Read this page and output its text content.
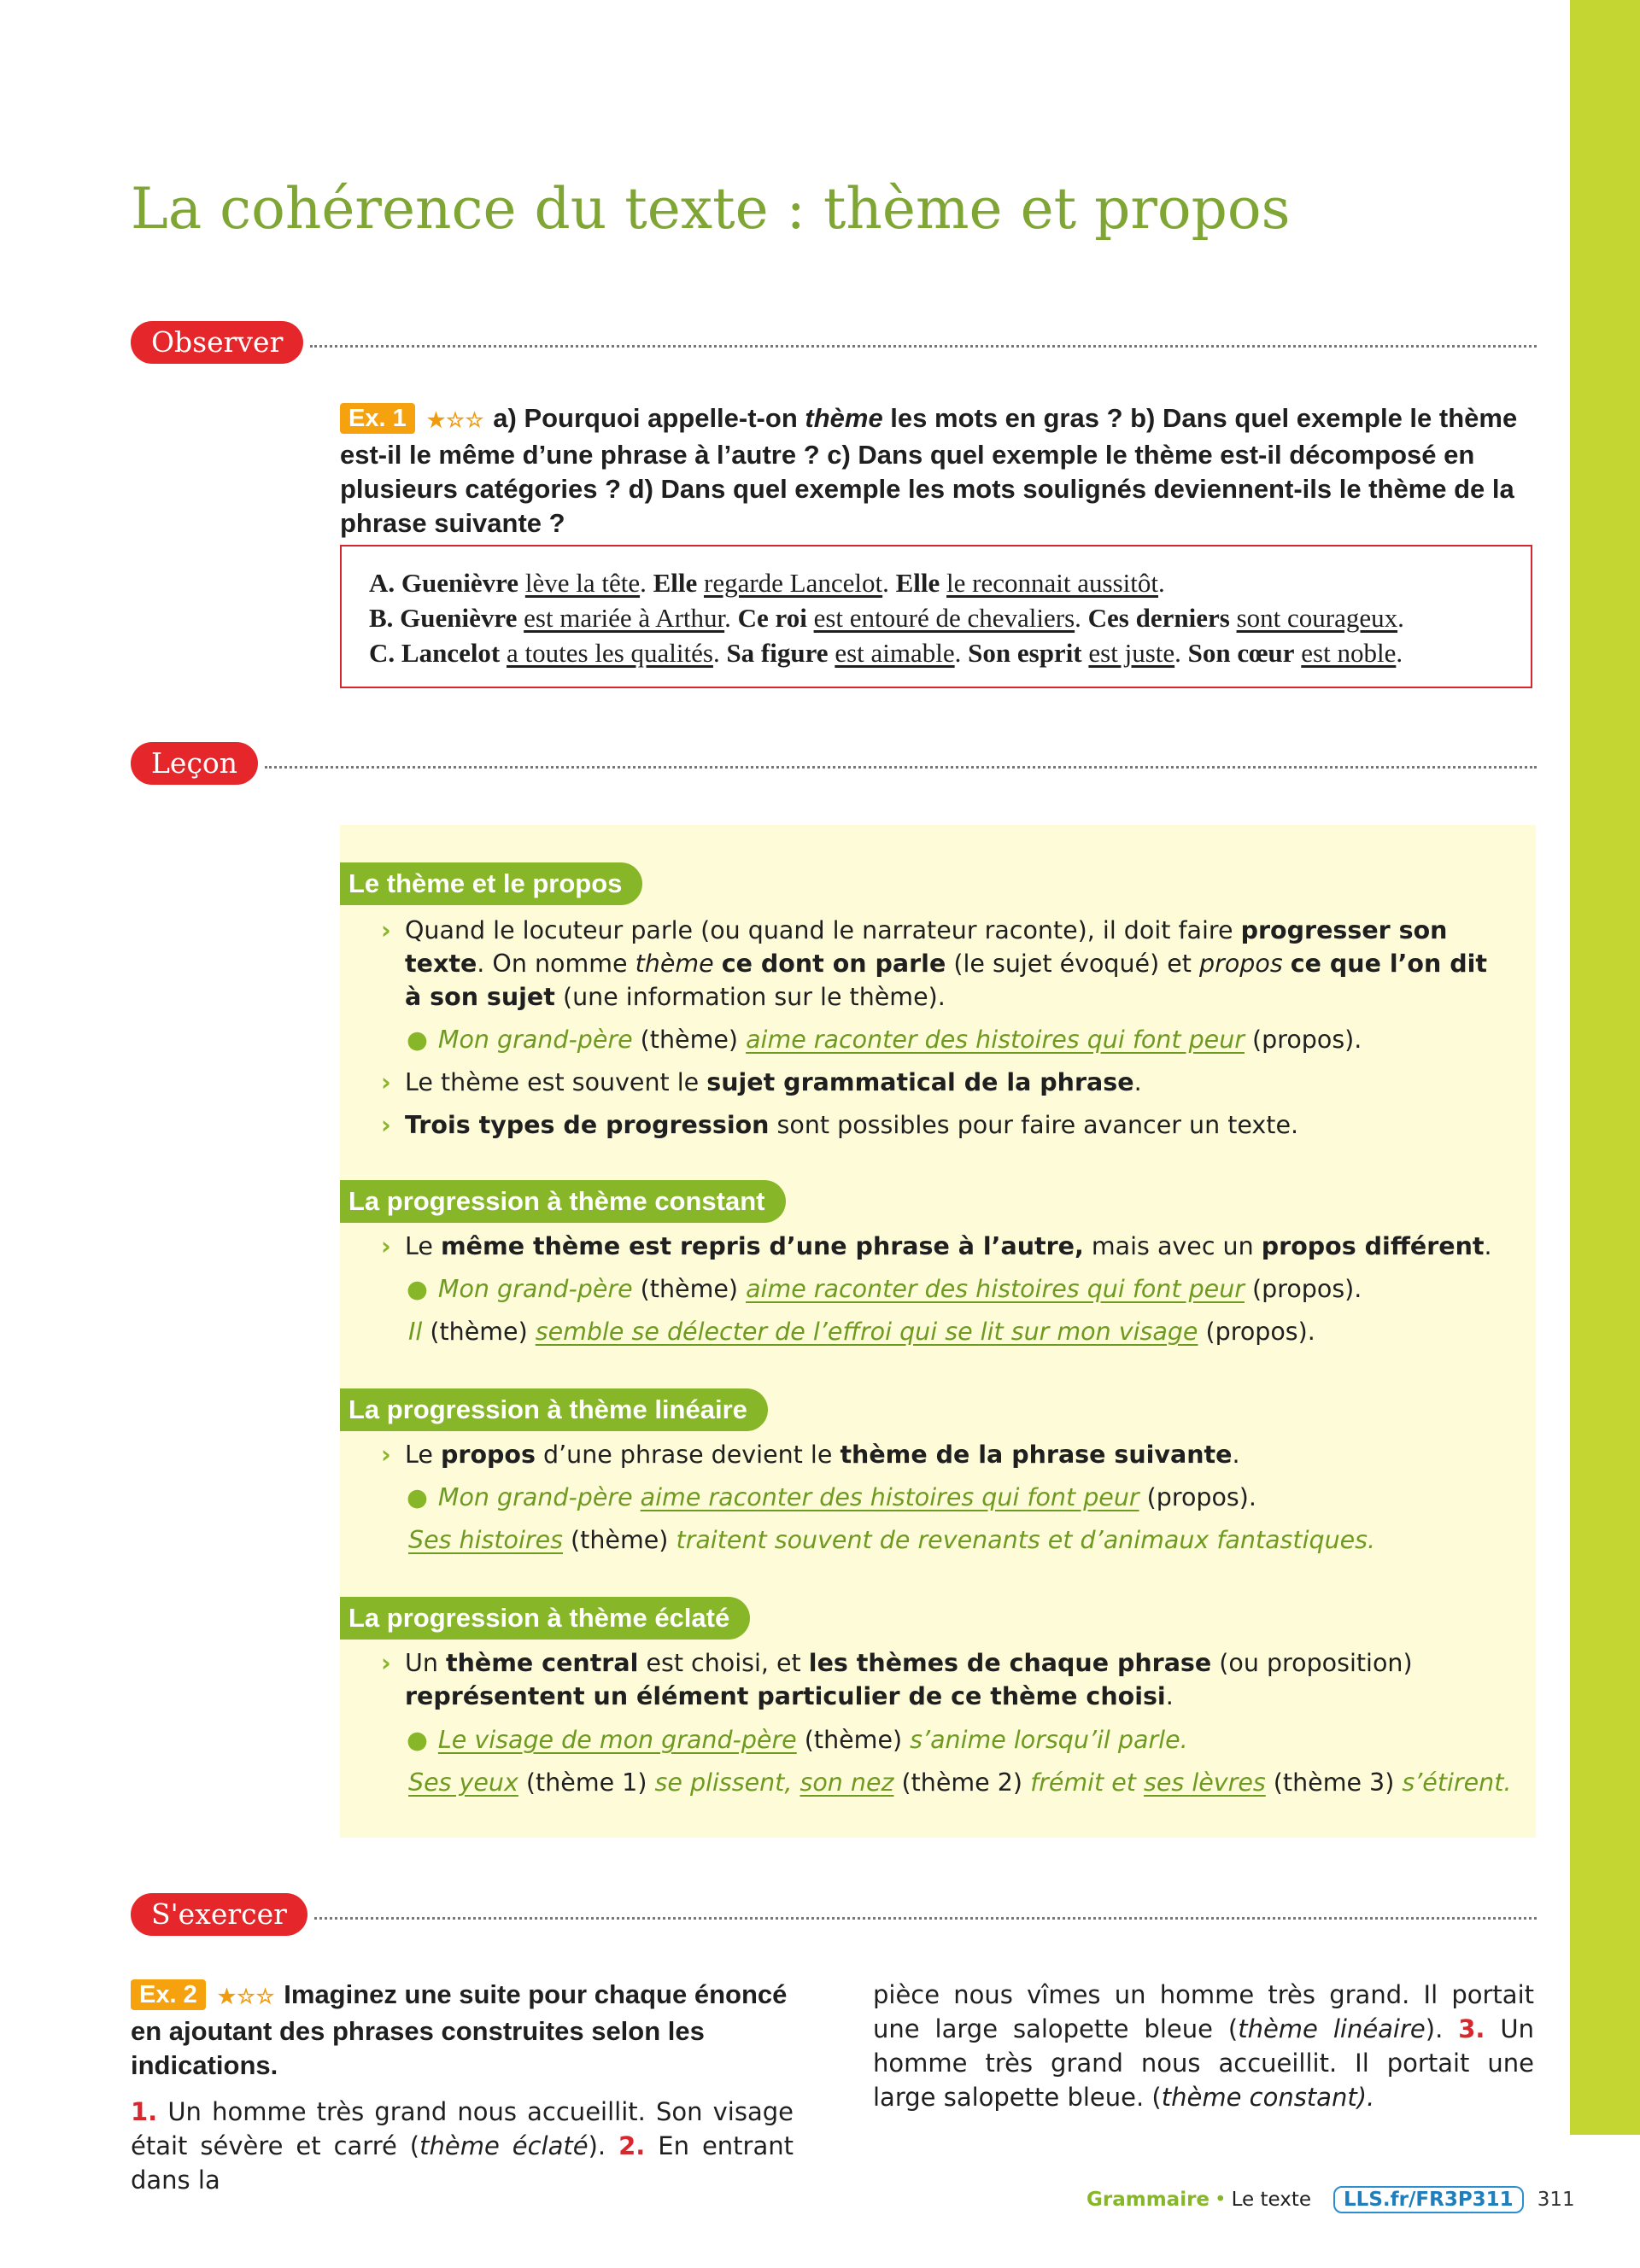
La cohérence du texte : thème et propos
Observer
Ex. 1 ★☆☆ a) Pourquoi appelle-t-on thème les mots en gras ? b) Dans quel exemple le thème est-il le même d’une phrase à l’autre ? c) Dans quel exemple le thème est-il décomposé en plusieurs catégories ? d) Dans quel exemple les mots soulignés deviennent-ils le thème de la phrase suivante ?
A. Guenièvre lève la tête. Elle regarde Lancelot. Elle le reconnait aussitôt.
B. Guenièvre est mariée à Arthur. Ce roi est entouré de chevaliers. Ces derniers sont courageux.
C. Lancelot a toutes les qualités. Sa figure est aimable. Son esprit est juste. Son cœur est noble.
Leçon
Le thème et le propos
› Quand le locuteur parle (ou quand le narrateur raconte), il doit faire progresser son texte. On nomme thème ce dont on parle (le sujet évoqué) et propos ce que l’on dit à son sujet (une information sur le thème).
● Mon grand-père (thème) aime raconter des histoires qui font peur (propos).
› Le thème est souvent le sujet grammatical de la phrase.
› Trois types de progression sont possibles pour faire avancer un texte.
La progression à thème constant
› Le même thème est repris d’une phrase à l’autre, mais avec un propos différent.
● Mon grand-père (thème) aime raconter des histoires qui font peur (propos).
Il (thème) semble se délecter de l’effroi qui se lit sur mon visage (propos).
La progression à thème linéaire
› Le propos d’une phrase devient le thème de la phrase suivante.
● Mon grand-père aime raconter des histoires qui font peur (propos).
Ses histoires (thème) traitent souvent de revenants et d’animaux fantastiques.
La progression à thème éclaté
› Un thème central est choisi, et les thèmes de chaque phrase (ou proposition) représentent un élément particulier de ce thème choisi.
● Le visage de mon grand-père (thème) s’anime lorsqu’il parle.
Ses yeux (thème 1) se plissent, son nez (thème 2) frémit et ses lèvres (thème 3) s’étirent.
S'exercer
Ex. 2 ★☆☆ Imaginez une suite pour chaque énoncé en ajoutant des phrases construites selon les indications.

1. Un homme très grand nous accueillit. Son visage était sévère et carré (thème éclaté). 2. En entrant dans la

pièce nous vîmes un homme très grand. Il portait une large salopette bleue (thème linéaire). 3. Un homme très grand nous accueillit. Il portait une large salopette bleue. (thème constant).

Grammaire • Le texte	LLS.fr/FR3P311	311
